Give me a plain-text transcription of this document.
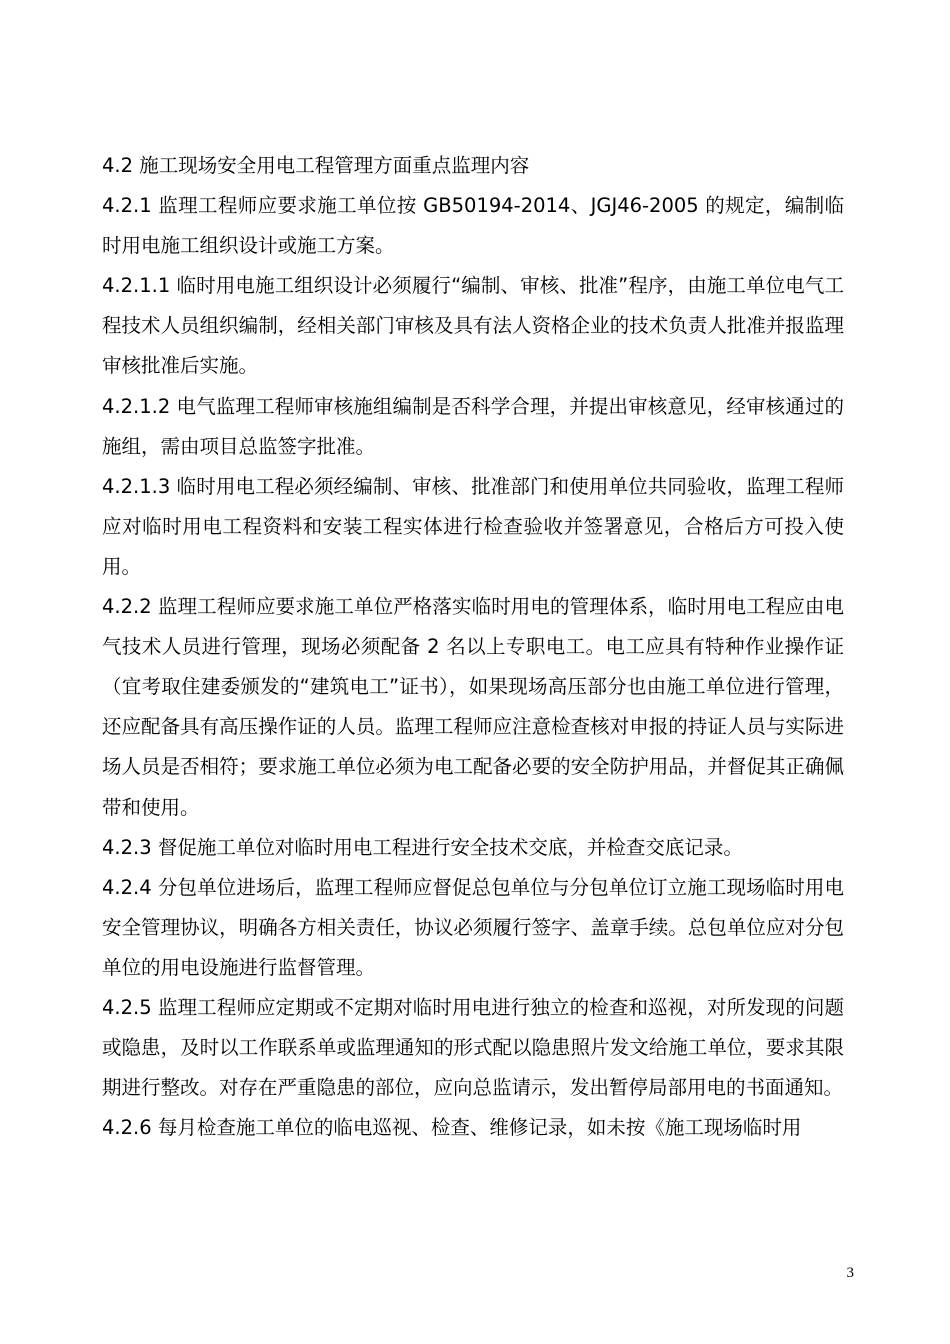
4.2 施工现场安全用电工程管理方面重点监理内容

4.2.1 监理工程师应要求施工单位按 GB50194-2014、JGJ46-2005 的规定，编制临时用电施工组织设计或施工方案。

4.2.1.1 临时用电施工组织设计必须履行“编制、审核、批准”程序，由施工单位电气工程技术人员组织编制，经相关部门审核及具有法人资格企业的技术负责人批准并报监理审核批准后实施。

4.2.1.2 电气监理工程师审核施组编制是否科学合理，并提出审核意见，经审核通过的施组，需由项目总监签字批准。

4.2.1.3 临时用电工程必须经编制、审核、批准部门和使用单位共同验收，监理工程师应对临时用电工程资料和安装工程实体进行检查验收并签署意见，合格后方可投入使用。

4.2.2 监理工程师应要求施工单位严格落实临时用电的管理体系，临时用电工程应由电气技术人员进行管理，现场必须配备 2 名以上专职电工。电工应具有特种作业操作证（宜考取住建委颁发的“建筑电工”证书），如果现场高压部分也由施工单位进行管理，还应配备具有高压操作证的人员。监理工程师应注意检查核对申报的持证人员与实际进场人员是否相符；要求施工单位必须为电工配备必要的安全防护用品，并督促其正确佩带和使用。

4.2.3 督促施工单位对临时用电工程进行安全技术交底，并检查交底记录。

4.2.4 分包单位进场后，监理工程师应督促总包单位与分包单位订立施工现场临时用电安全管理协议，明确各方相关责任，协议必须履行签字、盖章手续。总包单位应对分包单位的用电设施进行监督管理。

4.2.5 监理工程师应定期或不定期对临时用电进行独立的检查和巡视，对所发现的问题或隐患，及时以工作联系单或监理通知的形式配以隐患照片发文给施工单位，要求其限期进行整改。对存在严重隐患的部位，应向总监请示，发出暂停局部用电的书面通知。

4.2.6 每月检查施工单位的临电巡视、检查、维修记录，如未按《施工现场临时用

3
